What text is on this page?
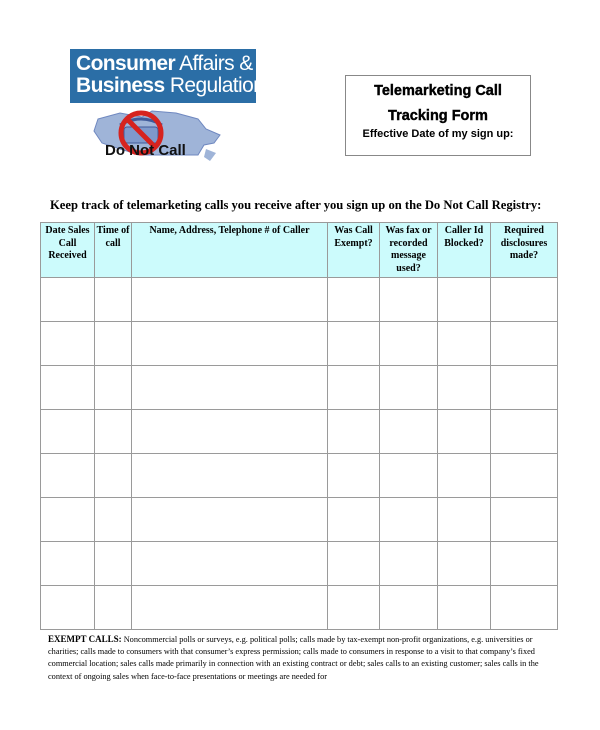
Consumer Affairs &
Business Regulation
Do Not Call
Telemarketing Call
Tracking Form
Effective Date of my sign up:
Keep track of telemarketing calls you receive after you sign up on the Do Not Call Registry:
Date Sales Call Received	Time of call	Name, Address, Telephone # of Caller	Was Call Exempt?	Was fax or recorded message used?	Caller Id Blocked?	Required disclosures made?

EXEMPT CALLS: Noncommercial polls or surveys, e.g. political polls; calls made by tax-exempt non-profit organizations, e.g. universities or charities; calls made to consumers with that consumer’s express permission; calls made to consumers in response to a visit to that company’s fixed commercial location; sales calls made primarily in connection with an existing contract or debt; sales calls to an existing customer; sales calls in the context of ongoing sales when face-to-face presentations or meetings are needed for
